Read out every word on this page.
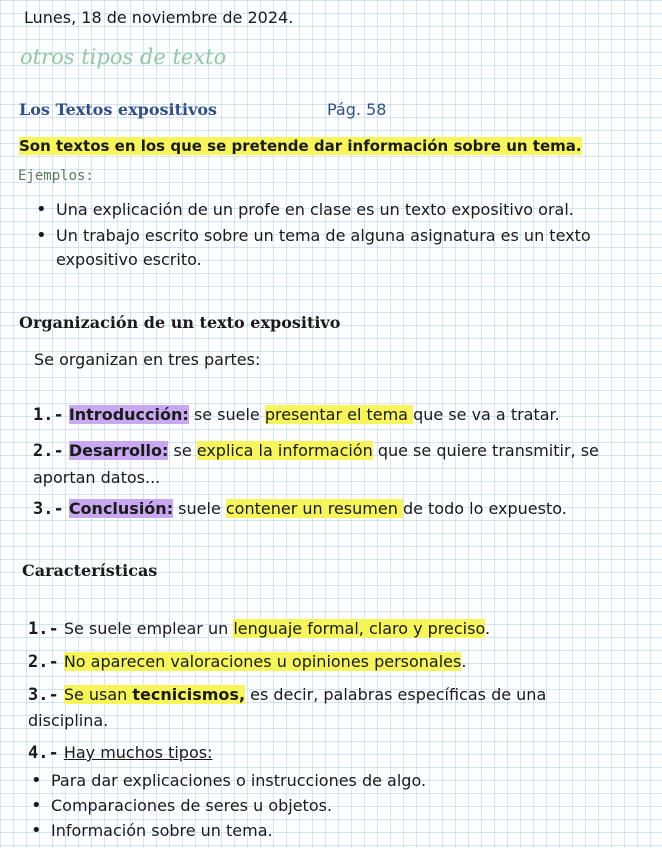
Lunes, 18 de noviembre de 2024.
otros tipos de texto
Los Textos expositivos	Pág. 58
Son textos en los que se pretende dar información sobre un tema.
Ejemplos:
• Una explicación de un profe en clase es un texto expositivo oral.
• Un trabajo escrito sobre un tema de alguna asignatura es un texto
expositivo escrito.
Organización de un texto expositivo
Se organizan en tres partes:
1.- Introducción: se suele presentar el tema que se va a tratar.
2.- Desarrollo: se explica la información que se quiere transmitir, se
aportan datos...
3.- Conclusión: suele contener un resumen de todo lo expuesto.
Características
1.- Se suele emplear un lenguaje formal, claro y preciso.
2.- No aparecen valoraciones u opiniones personales.
3.- Se usan tecnicismos, es decir, palabras específicas de una
disciplina.
4.- Hay muchos tipos:
• Para dar explicaciones o instrucciones de algo.
• Comparaciones de seres u objetos.
• Información sobre un tema.
